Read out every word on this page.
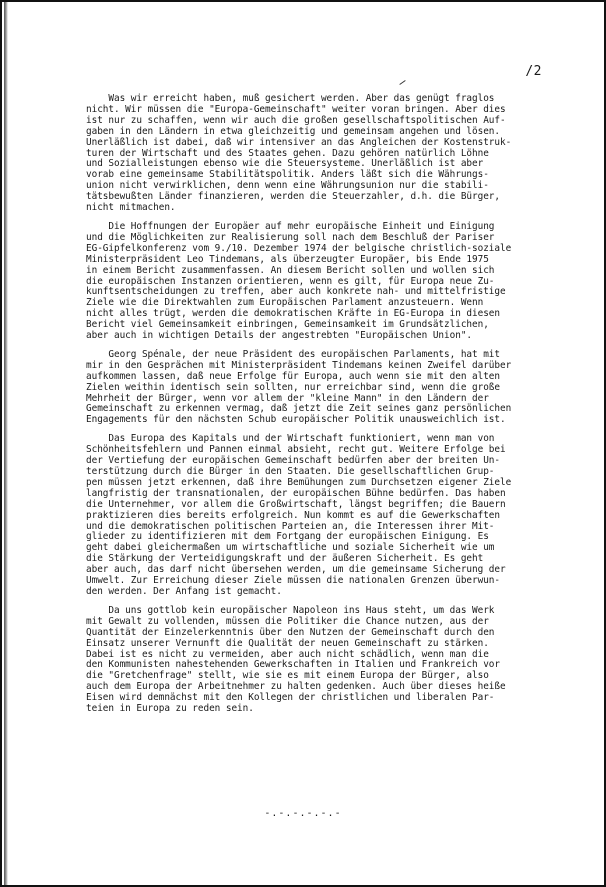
/2
Was wir erreicht haben, muß gesichert werden. Aber das genügt fraglos
nicht. Wir müssen die "Europa-Gemeinschaft" weiter voran bringen. Aber dies
ist nur zu schaffen, wenn wir auch die großen gesellschaftspolitischen Auf-
gaben in den Ländern in etwa gleichzeitig und gemeinsam angehen und lösen.
Unerläßlich ist dabei, daß wir intensiver an das Angleichen der Kostenstruk-
turen der Wirtschaft und des Staates gehen. Dazu gehören natürlich Löhne
und Sozialleistungen ebenso wie die Steuersysteme. Unerläßlich ist aber
vorab eine gemeinsame Stabilitätspolitik. Anders läßt sich die Währungs-
union nicht verwirklichen, denn wenn eine Währungsunion nur die stabili-
tätsbewußten Länder finanzieren, werden die Steuerzahler, d.h. die Bürger,
nicht mitmachen.
Die Hoffnungen der Europäer auf mehr europäische Einheit und Einigung
und die Möglichkeiten zur Realisierung soll nach dem Beschluß der Pariser
EG-Gipfelkonferenz vom 9./10. Dezember 1974 der belgische christlich-soziale
Ministerpräsident Leo Tindemans, als überzeugter Europäer, bis Ende 1975
in einem Bericht zusammenfassen. An diesem Bericht sollen und wollen sich
die europäischen Instanzen orientieren, wenn es gilt, für Europa neue Zu-
kunftsentscheidungen zu treffen, aber auch konkrete nah- und mittelfristige
Ziele wie die Direktwahlen zum Europäischen Parlament anzusteuern. Wenn
nicht alles trügt, werden die demokratischen Kräfte in EG-Europa in diesen
Bericht viel Gemeinsamkeit einbringen, Gemeinsamkeit im Grundsätzlichen,
aber auch in wichtigen Details der angestrebten "Europäischen Union".
Georg Spénale, der neue Präsident des europäischen Parlaments, hat mit
mir in den Gesprächen mit Ministerpräsident Tindemans keinen Zweifel darüber
aufkommen lassen, daß neue Erfolge für Europa, auch wenn sie mit den alten
Zielen weithin identisch sein sollten, nur erreichbar sind, wenn die große
Mehrheit der Bürger, wenn vor allem der "kleine Mann" in den Ländern der
Gemeinschaft zu erkennen vermag, daß jetzt die Zeit seines ganz persönlichen
Engagements für den nächsten Schub europäischer Politik unausweichlich ist.
Das Europa des Kapitals und der Wirtschaft funktioniert, wenn man von
Schönheitsfehlern und Pannen einmal absieht, recht gut. Weitere Erfolge bei
der Vertiefung der europäischen Gemeinschaft bedürfen aber der breiten Un-
terstützung durch die Bürger in den Staaten. Die gesellschaftlichen Grup-
pen müssen jetzt erkennen, daß ihre Bemühungen zum Durchsetzen eigener Ziele
langfristig der transnationalen, der europäischen Bühne bedürfen. Das haben
die Unternehmer, vor allem die Großwirtschaft, längst begriffen; die Bauern
praktizieren dies bereits erfolgreich. Nun kommt es auf die Gewerkschaften
und die demokratischen politischen Parteien an, die Interessen ihrer Mit-
glieder zu identifizieren mit dem Fortgang der europäischen Einigung. Es
geht dabei gleichermaßen um wirtschaftliche und soziale Sicherheit wie um
die Stärkung der Verteidigungskraft und der äußeren Sicherheit. Es geht
aber auch, das darf nicht übersehen werden, um die gemeinsame Sicherung der
Umwelt. Zur Erreichung dieser Ziele müssen die nationalen Grenzen überwun-
den werden. Der Anfang ist gemacht.
Da uns gottlob kein europäischer Napoleon ins Haus steht, um das Werk
mit Gewalt zu vollenden, müssen die Politiker die Chance nutzen, aus der
Quantität der Einzelerkenntnis über den Nutzen der Gemeinschaft durch den
Einsatz unserer Vernunft die Qualität der neuen Gemeinschaft zu stärken.
Dabei ist es nicht zu vermeiden, aber auch nicht schädlich, wenn man die
den Kommunisten nahestehenden Gewerkschaften in Italien und Frankreich vor
die "Gretchenfrage" stellt, wie sie es mit einem Europa der Bürger, also
auch dem Europa der Arbeitnehmer zu halten gedenken. Auch über dieses heiße
Eisen wird demnächst mit den Kollegen der christlichen und liberalen Par-
teien in Europa zu reden sein.
-.-.-.-.-.-
